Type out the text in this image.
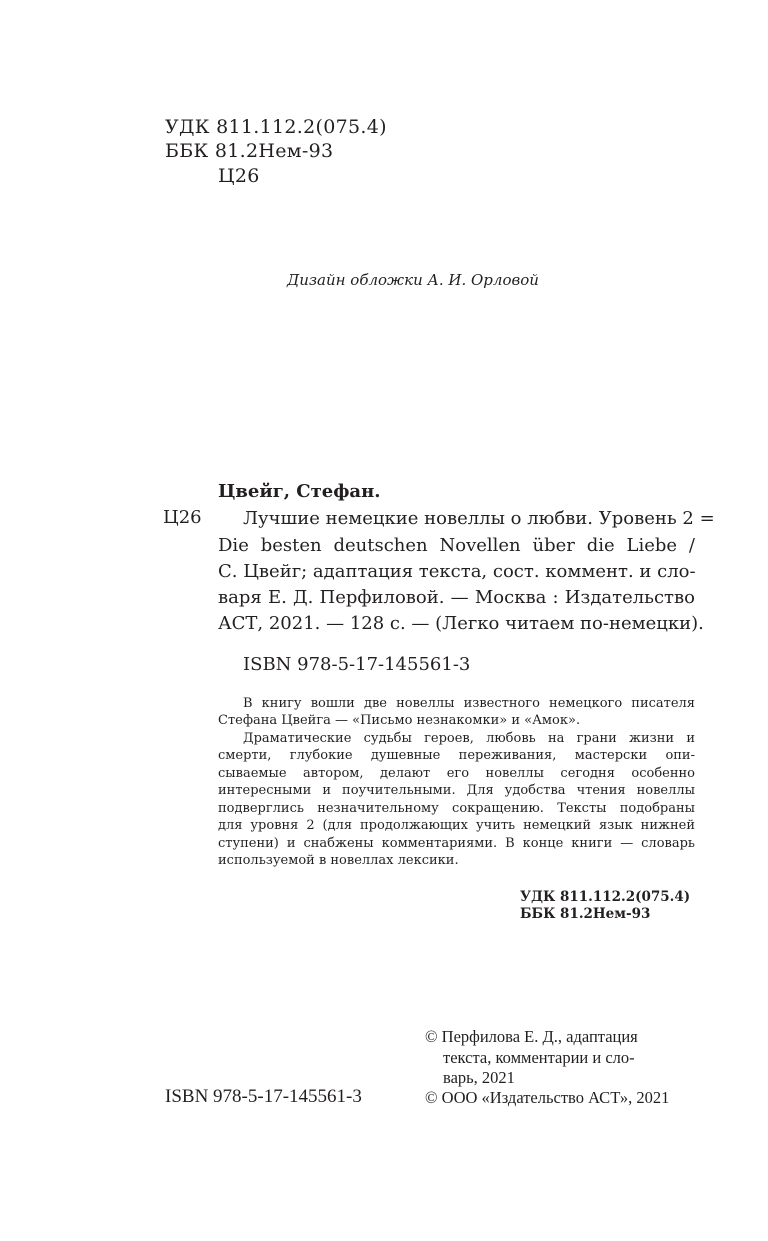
УДК 811.112.2(075.4)
ББК 81.2Нем-93
Ц26
Дизайн обложки А. И. Орловой
Цвейг, Стефан.
Ц26 Лучшие немецкие новеллы о любви. Уровень 2 =
Die besten deutschen Novellen über die Liebe /
С. Цвейг; адаптация текста, сост. коммент. и сло-
варя Е. Д. Перфиловой. — Москва : Издательство
АСТ, 2021. — 128 с. — (Легко читаем по-немецки).
ISBN 978-5-17-145561-3
В книгу вошли две новеллы известного немецкого писателя
Стефана Цвейга — «Письмо незнакомки» и «Амок».
Драматические судьбы героев, любовь на грани жизни и
смерти, глубокие душевные переживания, мастерски опи-
сываемые автором, делают его новеллы сегодня особенно
интересными и поучительными. Для удобства чтения новеллы
подверглись незначительному сокращению. Тексты подобраны
для уровня 2 (для продолжающих учить немецкий язык нижней
ступени) и снабжены комментариями. В конце книги — словарь
используемой в новеллах лексики.
УДК 811.112.2(075.4)
ББК 81.2Нем-93
© Перфилова Е. Д., адаптация
текста, комментарии и сло-
варь, 2021
© ООО «Издательство АСТ», 2021
ISBN 978-5-17-145561-3
